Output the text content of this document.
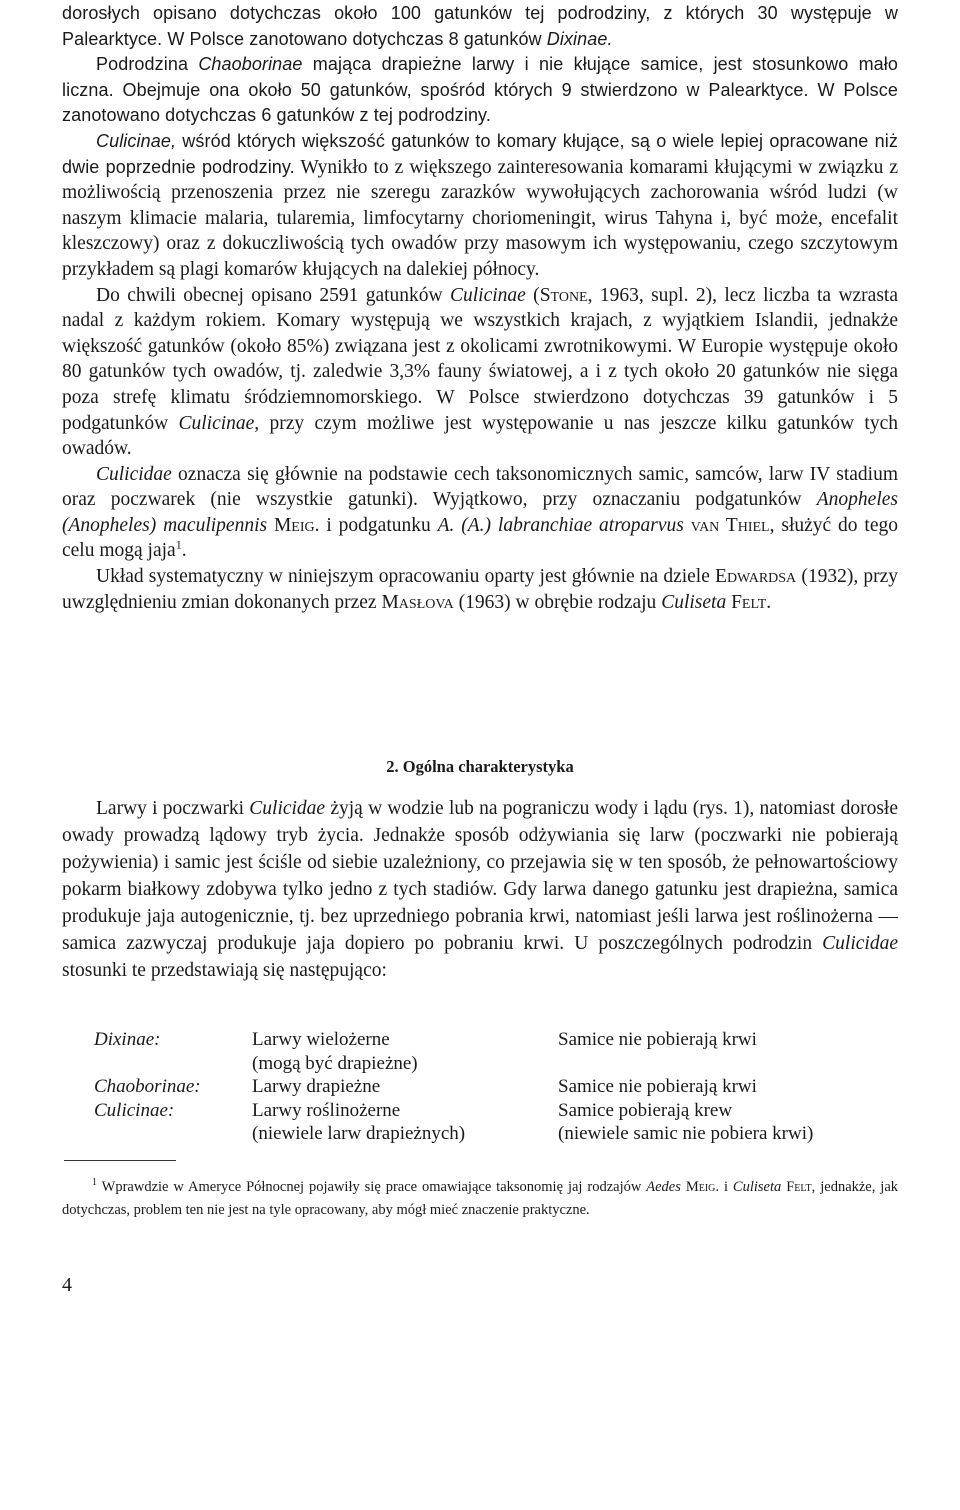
dorosłych opisano dotychczas około 100 gatunków tej podrodziny, z których 30 występuje w Palearktyce. W Polsce zanotowano dotychczas 8 gatunków Dixinae.

Podrodzina Chaoborinae mająca drapieżne larwy i nie kłujące samice, jest stosunkowo mało liczna. Obejmuje ona około 50 gatunków, spośród których 9 stwierdzono w Palearktyce. W Polsce zanotowano dotychczas 6 gatunków z tej podrodziny.

Culicinae, wśród których większość gatunków to komary kłujące, są o wiele lepiej opracowane niż dwie poprzednie podrodziny. Wynikło to z większego zainteresowania komarami kłującymi w związku z możliwością przenoszenia przez nie szeregu zarazków wywołujących zachorowania wśród ludzi (w naszym klimacie malaria, tularemia, limfocytarny choriomeningit, wirus Tahyna i, być może, encefalit kleszczowy) oraz z dokuczliwością tych owadów przy masowym ich występowaniu, czego szczytowym przykładem są plagi komarów kłujących na dalekiej północy.

Do chwili obecnej opisano 2591 gatunków Culicinae (Stone, 1963, supl. 2), lecz liczba ta wzrasta nadal z każdym rokiem. Komary występują we wszystkich krajach, z wyjątkiem Islandii, jednakże większość gatunków (około 85%) związana jest z okolicami zwrotnikowymi. W Europie występuje około 80 gatunków tych owadów, tj. zaledwie 3,3% fauny światowej, a i z tych około 20 gatunków nie sięga poza strefę klimatu śródziemnomorskiego. W Polsce stwierdzono dotychczas 39 gatunków i 5 podgatunków Culicinae, przy czym możliwe jest występowanie u nas jeszcze kilku gatunków tych owadów.

Culicidae oznacza się głównie na podstawie cech taksonomicznych samic, samców, larw IV stadium oraz poczwarek (nie wszystkie gatunki). Wyjątkowo, przy oznaczaniu podgatunków Anopheles (Anopheles) maculipennis Meig. i podgatunku A. (A.) labranchiae atroparvus van Thiel, służyć do tego celu mogą jaja$^1$.

Układ systematyczny w niniejszym opracowaniu oparty jest głównie na dziele Edwardsa (1932), przy uwzględnieniu zmian dokonanych przez Masłova (1963) w obrębie rodzaju Culiseta Felt.

2. Ogólna charakterystyka

Larwy i poczwarki Culicidae żyją w wodzie lub na pograniczu wody i lądu (rys. 1), natomiast dorosłe owady prowadzą lądowy tryb życia. Jednakże sposób odżywiania się larw (poczwarki nie pobierają pożywienia) i samic jest ściśle od siebie uzależniony, co przejawia się w ten sposób, że pełnowartościowy pokarm białkowy zdobywa tylko jedno z tych stadiów. Gdy larwa danego gatunku jest drapieżna, samica produkuje jaja autogenicznie, tj. bez uprzedniego pobrania krwi, natomiast jeśli larwa jest roślinożerna — samica zazwyczaj produkuje jaja dopiero po pobraniu krwi. U poszczególnych podrodzin Culicidae stosunki te przedstawiają się następująco:

Dixinae:	Larwy wielożerne	Samice nie pobierają krwi
(mogą być drapieżne)
Chaoborinae:	Larwy drapieżne	Samice nie pobierają krwi
Culicinae:	Larwy roślinożerne	Samice pobierają krew
(niewiele larw drapieżnych)	(niewiele samic nie pobiera krwi)
$^1$ Wprawdzie w Ameryce Północnej pojawiły się prace omawiające taksonomię jaj rodzajów Aedes Meig. i Culiseta Felt, jednakże, jak dotychczas, problem ten nie jest na tyle opracowany, aby mógł mieć znaczenie praktyczne.
4
